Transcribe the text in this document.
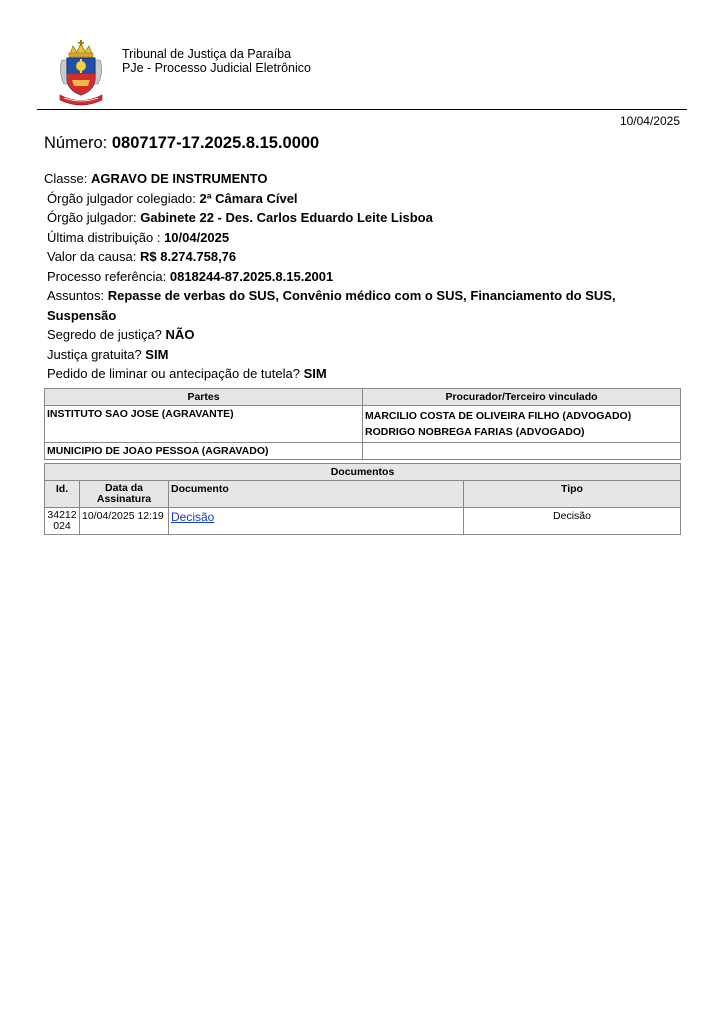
Tribunal de Justiça da Paraíba
PJe - Processo Judicial Eletrônico
10/04/2025
Número: 0807177-17.2025.8.15.0000
Classe: AGRAVO DE INSTRUMENTO
Órgão julgador colegiado: 2ª Câmara Cível
Órgão julgador: Gabinete 22 - Des. Carlos Eduardo Leite Lisboa
Última distribuição : 10/04/2025
Valor da causa: R$ 8.274.758,76
Processo referência: 0818244-87.2025.8.15.2001
Assuntos: Repasse de verbas do SUS, Convênio médico com o SUS, Financiamento do SUS, Suspensão
Segredo de justiça? NÃO
Justiça gratuita? SIM
Pedido de liminar ou antecipação de tutela? SIM
Partes	Procurador/Terceiro vinculado
INSTITUTO SAO JOSE (AGRAVANTE)	MARCILIO COSTA DE OLIVEIRA FILHO (ADVOGADO)
RODRIGO NOBREGA FARIAS (ADVOGADO)

MUNICIPIO DE JOAO PESSOA (AGRAVADO)	
Documentos			
Id.	Data da Assinatura	Documento	Tipo
34212024	10/04/2025 12:19	Decisão	Decisão
